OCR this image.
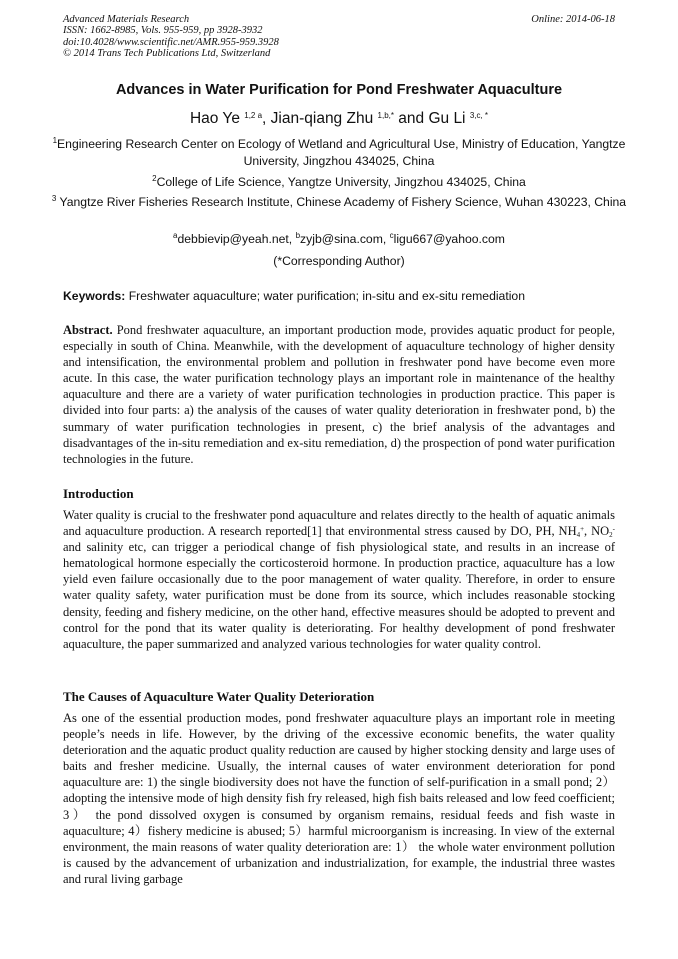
Advanced Materials Research
ISSN: 1662-8985, Vols. 955-959, pp 3928-3932
doi:10.4028/www.scientific.net/AMR.955-959.3928
© 2014 Trans Tech Publications Ltd, Switzerland
Online: 2014-06-18
Advances in Water Purification for Pond Freshwater Aquaculture
Hao Ye $^{1,2 a}$, Jian-qiang Zhu $^{1,b,*}$ and Gu Li $^{3,c, *}$
$^1$Engineering Research Center on Ecology of Wetland and Agricultural Use, Ministry of Education, Yangtze University, Jingzhou 434025, China
$^2$College of Life Science, Yangtze University, Jingzhou 434025, China
$^3$ Yangtze River Fisheries Research Institute, Chinese Academy of Fishery Science, Wuhan 430223, China
$^a$debbievip@yeah.net, $^b$zyjb@sina.com, $^c$ligu667@yahoo.com
(*Corresponding Author)
Keywords: Freshwater aquaculture; water purification; in-situ and ex-situ remediation
Abstract. Pond freshwater aquaculture, an important production mode, provides aquatic product for people, especially in south of China. Meanwhile, with the development of aquaculture technology of higher density and intensification, the environmental problem and pollution in freshwater pond have become even more acute. In this case, the water purification technology plays an important role in maintenance of the healthy aquaculture and there are a variety of water purification technologies in production practice. This paper is divided into four parts: a) the analysis of the causes of water quality deterioration in freshwater pond, b) the summary of water purification technologies in present, c) the brief analysis of the advantages and disadvantages of the in-situ remediation and ex-situ remediation, d) the prospection of pond water purification technologies in the future.
Introduction
Water quality is crucial to the freshwater pond aquaculture and relates directly to the health of aquatic animals and aquaculture production. A research reported[1] that environmental stress caused by DO, PH, NH4+, NO2- and salinity etc, can trigger a periodical change of fish physiological state, and results in an increase of hematological hormone especially the corticosteroid hormone. In production practice, aquaculture has a low yield even failure occasionally due to the poor management of water quality. Therefore, in order to ensure water quality safety, water purification must be done from its source, which includes reasonable stocking density, feeding and fishery medicine, on the other hand, effective measures should be adopted to prevent and control for the pond that its water quality is deteriorating. For healthy development of pond freshwater aquaculture, the paper summarized and analyzed various technologies for water quality control.
The Causes of Aquaculture Water Quality Deterioration
As one of the essential production modes, pond freshwater aquaculture plays an important role in meeting people’s needs in life. However, by the driving of the excessive economic benefits, the water quality deterioration and the aquatic product quality reduction are caused by higher stocking density and large uses of baits and fresher medicine. Usually, the internal causes of water environment deterioration for pond aquaculture are: 1) the single biodiversity does not have the function of self-purification in a small pond; 2）adopting the intensive mode of high density fish fry released, high fish baits released and low feed coefficient; 3） the pond dissolved oxygen is consumed by organism remains, residual feeds and fish waste in aquaculture; 4）fishery medicine is abused; 5）harmful microorganism is increasing. In view of the external environment, the main reasons of water quality deterioration are: 1） the whole water environment pollution is caused by the advancement of urbanization and industrialization, for example, the industrial three wastes and rural living garbage
